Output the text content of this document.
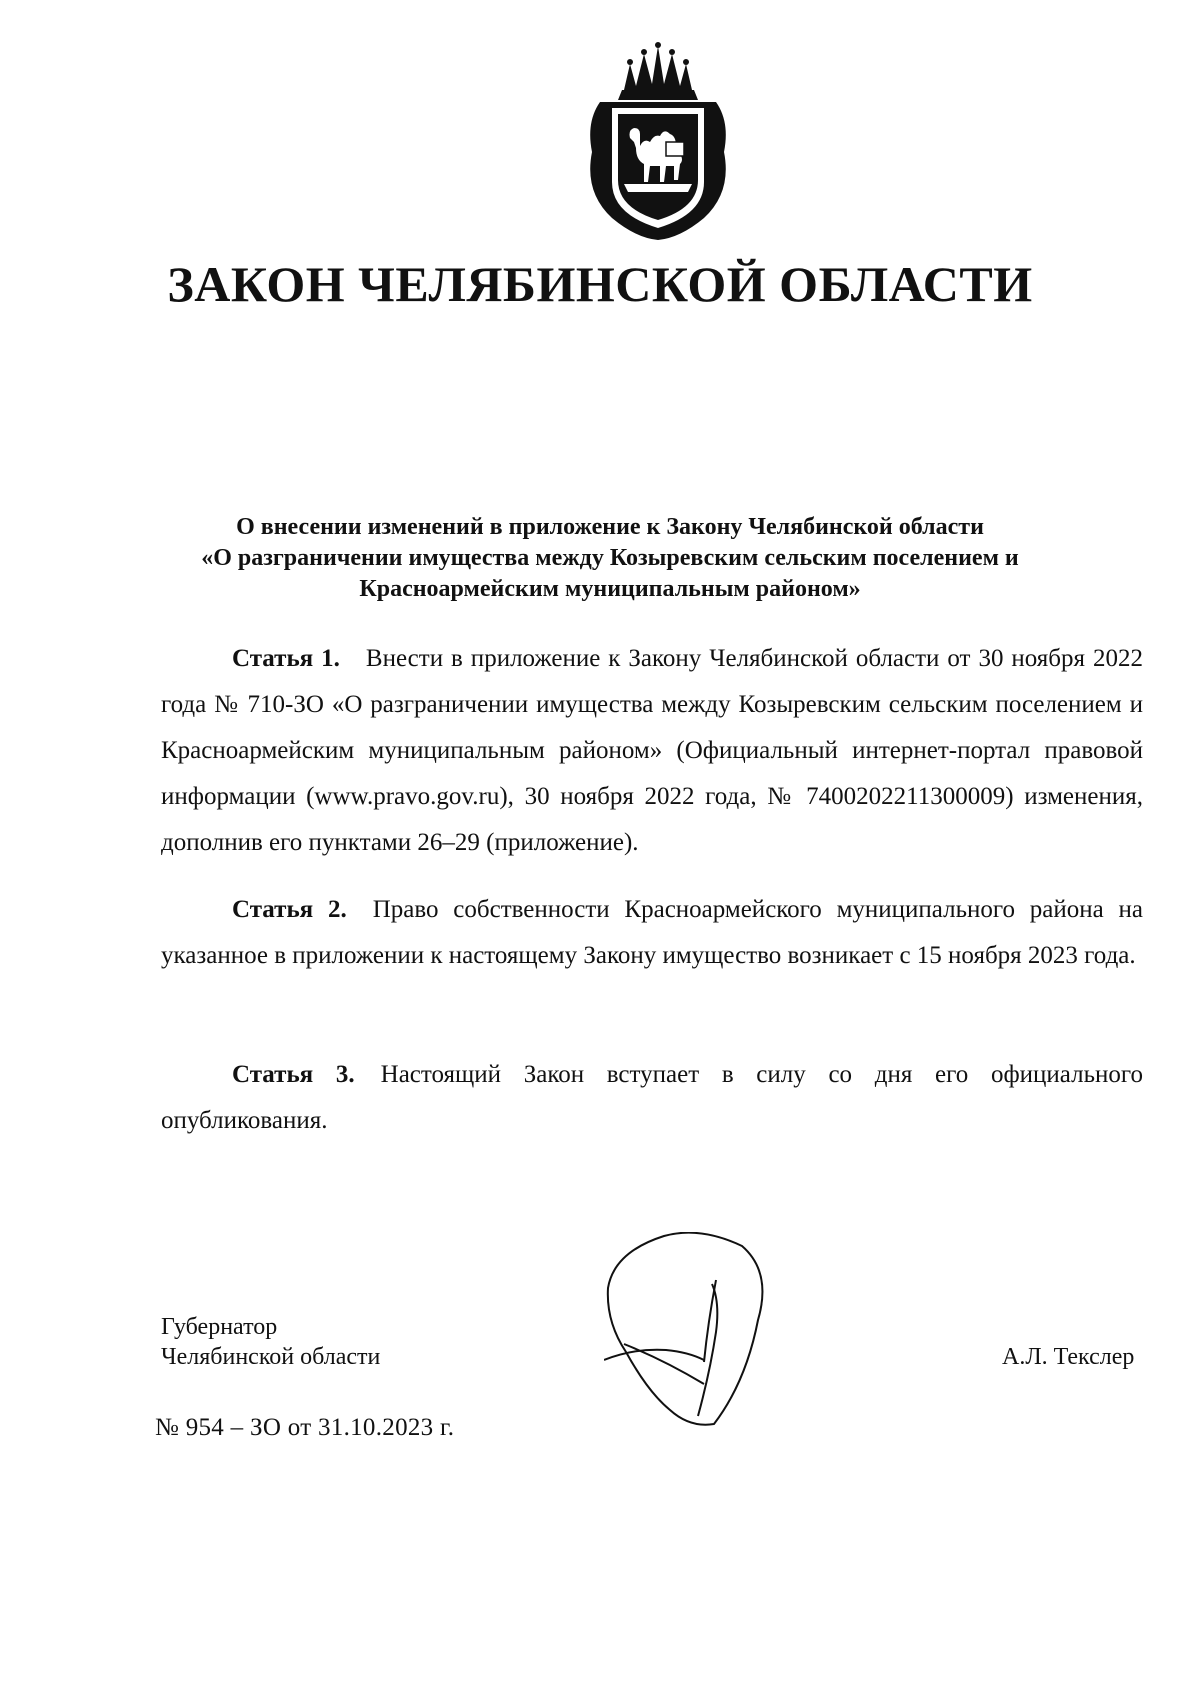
ЗАКОН ЧЕЛЯБИНСКОЙ ОБЛАСТИ
О внесении изменений в приложение к Закону Челябинской области
«О разграничении имущества между Козыревским сельским поселением и
Красноармейским муниципальным районом»

Статья 1. Внести в приложение к Закону Челябинской области от 30 ноября 2022 года № 710-ЗО «О разграничении имущества между Козыревским сельским поселением и Красноармейским муниципальным районом» (Официальный интернет-портал правовой информации (www.pravo.gov.ru), 30 ноября 2022 года, № 7400202211300009) изменения, дополнив его пунктами 26–29 (приложение).

Статья 2. Право собственности Красноармейского муниципального района на указанное в приложении к настоящему Закону имущество возникает с 15 ноября 2023 года.

Статья 3. Настоящий Закон вступает в силу со дня его официального опубликования.

Губернатор
Челябинской области	А.Л. Текслер
№ 954 – ЗО от 31.10.2023 г.
